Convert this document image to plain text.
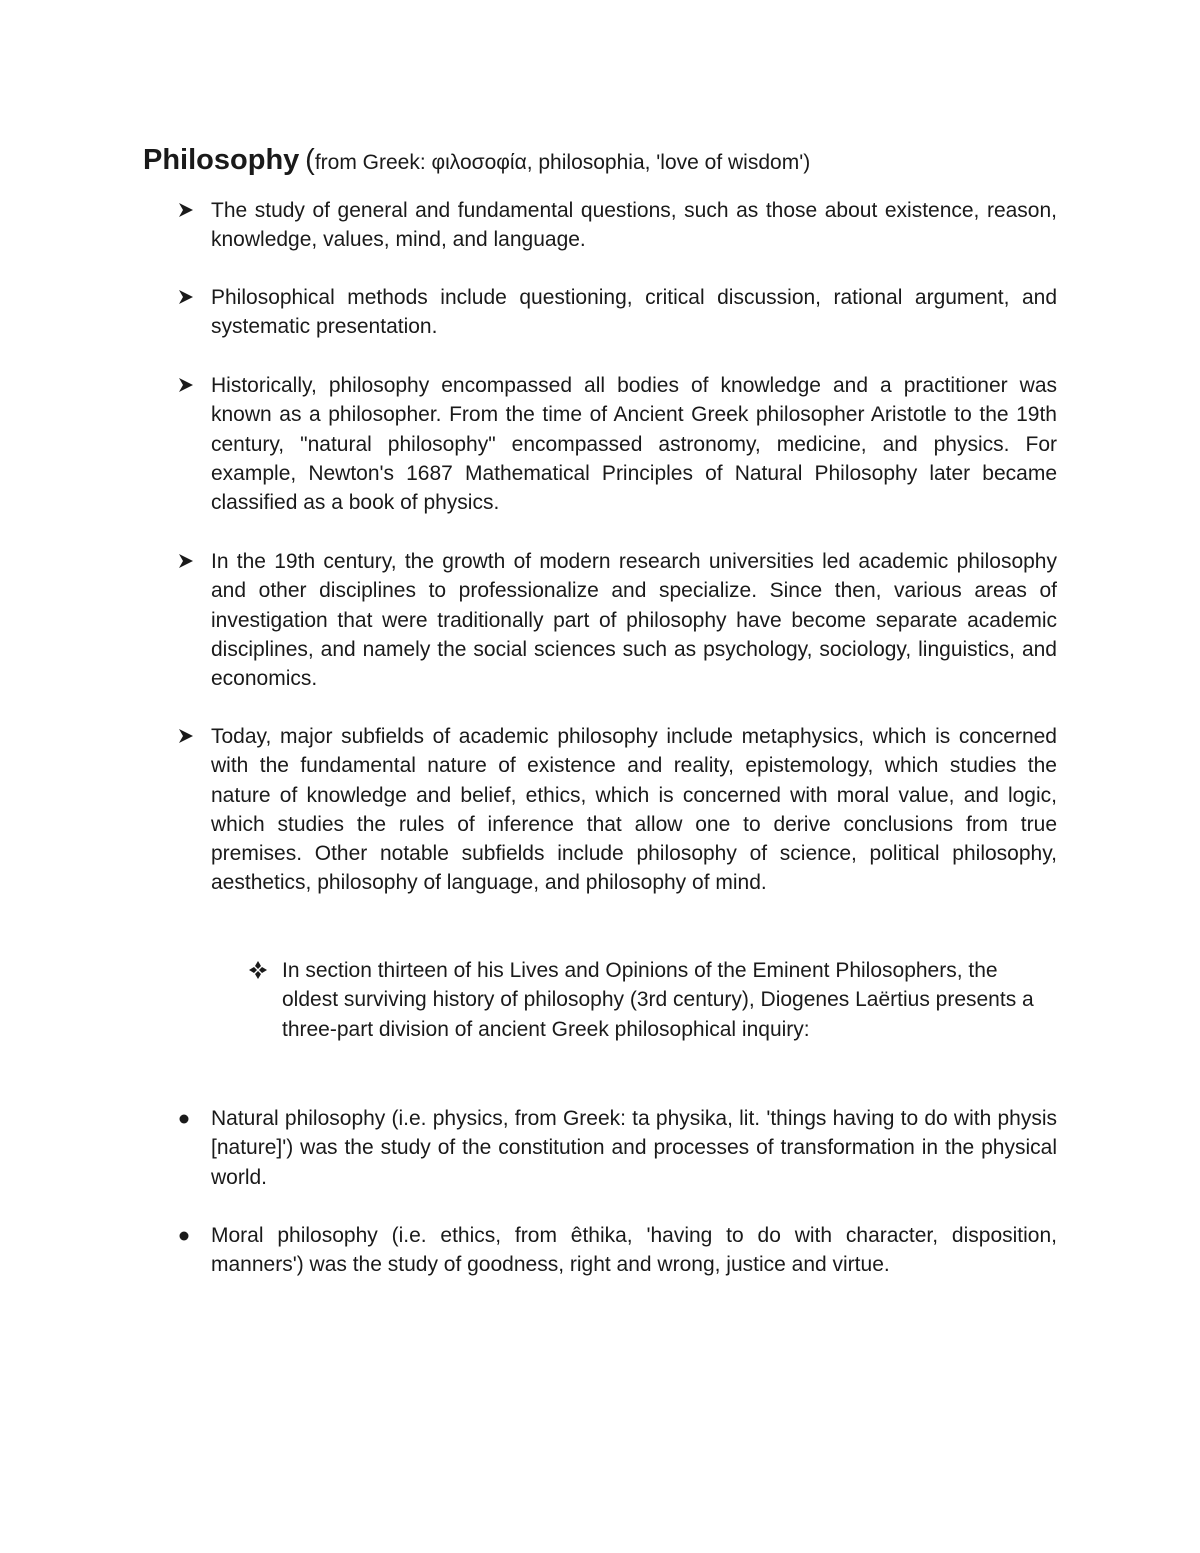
Philosophy (from Greek: φιλοσοφία, philosophia, 'love of wisdom')
The study of general and fundamental questions, such as those about existence, reason, knowledge, values, mind, and language.
Philosophical methods include questioning, critical discussion, rational argument, and systematic presentation.
Historically, philosophy encompassed all bodies of knowledge and a practitioner was known as a philosopher. From the time of Ancient Greek philosopher Aristotle to the 19th century, "natural philosophy" encompassed astronomy, medicine, and physics. For example, Newton's 1687 Mathematical Principles of Natural Philosophy later became classified as a book of physics.
In the 19th century, the growth of modern research universities led academic philosophy and other disciplines to professionalize and specialize. Since then, various areas of investigation that were traditionally part of philosophy have become separate academic disciplines, and namely the social sciences such as psychology, sociology, linguistics, and economics.
Today, major subfields of academic philosophy include metaphysics, which is concerned with the fundamental nature of existence and reality, epistemology, which studies the nature of knowledge and belief, ethics, which is concerned with moral value, and logic, which studies the rules of inference that allow one to derive conclusions from true premises. Other notable subfields include philosophy of science, political philosophy, aesthetics, philosophy of language, and philosophy of mind.
In section thirteen of his Lives and Opinions of the Eminent Philosophers, the oldest surviving history of philosophy (3rd century), Diogenes Laërtius presents a three-part division of ancient Greek philosophical inquiry:
Natural philosophy (i.e. physics, from Greek: ta physika, lit. 'things having to do with physis [nature]') was the study of the constitution and processes of transformation in the physical world.
Moral philosophy (i.e. ethics, from êthika, 'having to do with character, disposition, manners') was the study of goodness, right and wrong, justice and virtue.
